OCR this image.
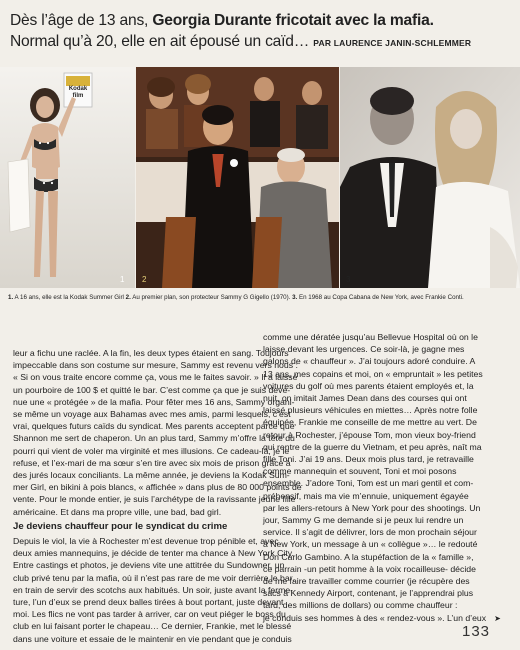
Dès l’âge de 13 ans, Georgia Durante fricotait avec la mafia.
Normal qu’à 20, elle en ait épousé un caïd… PAR LAURENCE JANIN-SCHLEMMER
Kodak
film
1 2	3
1. A 16 ans, elle est la Kodak Summer Girl 2. Au premier plan, son protecteur Sammy G Gigello (1970). 3. En 1968 au Copa Cabana de New York, avec Frankie Conti.
leur a fichu une raclée. A la fin, les deux types étaient en sang. Toujours
impeccable dans son costume sur mesure, Sammy est revenu vers nous :
« Si on vous traite encore comme ça, vous me le faites savoir. » Il a laissé
un pourboire de 100 $ et quitté le bar. C’est comme ça que je suis deve-
nue une « protégée » de la mafia. Pour fêter mes 16 ans, Sammy organi-
se même un voyage aux Bahamas avec mes amis, parmi lesquels, c’est
vrai, quelques futurs caïds du syndicat. Mes parents acceptent parce que
Shannon me sert de chaperon. Un an plus tard, Sammy m’offre la tête du
pourri qui vient de voler ma virginité et mes illusions. Ce cadeau-là, je le
refuse, et l’ex-mari de ma sœur s’en tire avec six mois de prison grâce à
des jurés locaux conciliants. La même année, je deviens la Kodak Sum-
mer Girl, en bikini à pois blancs, « affichée » dans plus de 80 000 points de
vente. Pour le monde entier, je suis l’archétype de la ravissante jeune fille
américaine. Et dans ma propre ville, une bad, bad girl.
Je deviens chauffeur pour le syndicat du crime
Depuis le viol, la vie à Rochester m’est devenue trop pénible et, avec
deux amies mannequins, je décide de tenter ma chance à New York City.
Entre castings et photos, je deviens vite une attitrée du Sundowner, un
club privé tenu par la mafia, où il n’est pas rare de me voir derrière le bar,
en train de servir des scotchs aux habitués. Un soir, juste avant la ferme-
ture, l’un d’eux se prend deux balles tirées à bout portant, juste devant
moi. Les flics ne vont pas tarder à arriver, car on veut piéger le boss du
club en lui faisant porter le chapeau… Ce dernier, Frankie, met le blessé
dans une voiture et essaie de le maintenir en vie pendant que je conduis
comme une dératée jusqu’au Bellevue Hospital où on le
laisse devant les urgences. Ce soir-là, je gagne mes
galons de « chauffeur ». J’ai toujours adoré conduire. A
13 ans, mes copains et moi, on « empruntait » les petites
voitures du golf où mes parents étaient employés et, la
nuit, on imitait James Dean dans des courses qui ont
laissé plusieurs véhicules en miettes… Après notre folle
équipée, Frankie me conseille de me mettre au vert. De
retour à Rochester, j’épouse Tom, mon vieux boy-friend
qui rentre de la guerre du Vietnam, et peu après, naît ma
fille Toni. J’ai 19 ans. Deux mois plus tard, je retravaille
comme mannequin et souvent, Toni et moi posons
ensemble. J’adore Toni, Tom est un mari gentil et com-
préhensif, mais ma vie m’ennuie, uniquement égayée
par les allers-retours à New York pour des shootings. Un
jour, Sammy G me demande si je peux lui rendre un
service. Il s’agit de délivrer, lors de mon prochain séjour
à New York, un message à un « collègue »… le redouté
Don Carlo Gambino. A la stupéfaction de la « famille »,
ce parrain -un petit homme à la voix rocailleuse- décide
de me faire travailler comme courrier (je récupère des
sacs à Kennedy Airport, contenant, je l’apprendrai plus
tard, des millions de dollars) ou comme chauffeur :
je conduis ses hommes à des « rendez-vous ». L’un d’eux ➤
133
